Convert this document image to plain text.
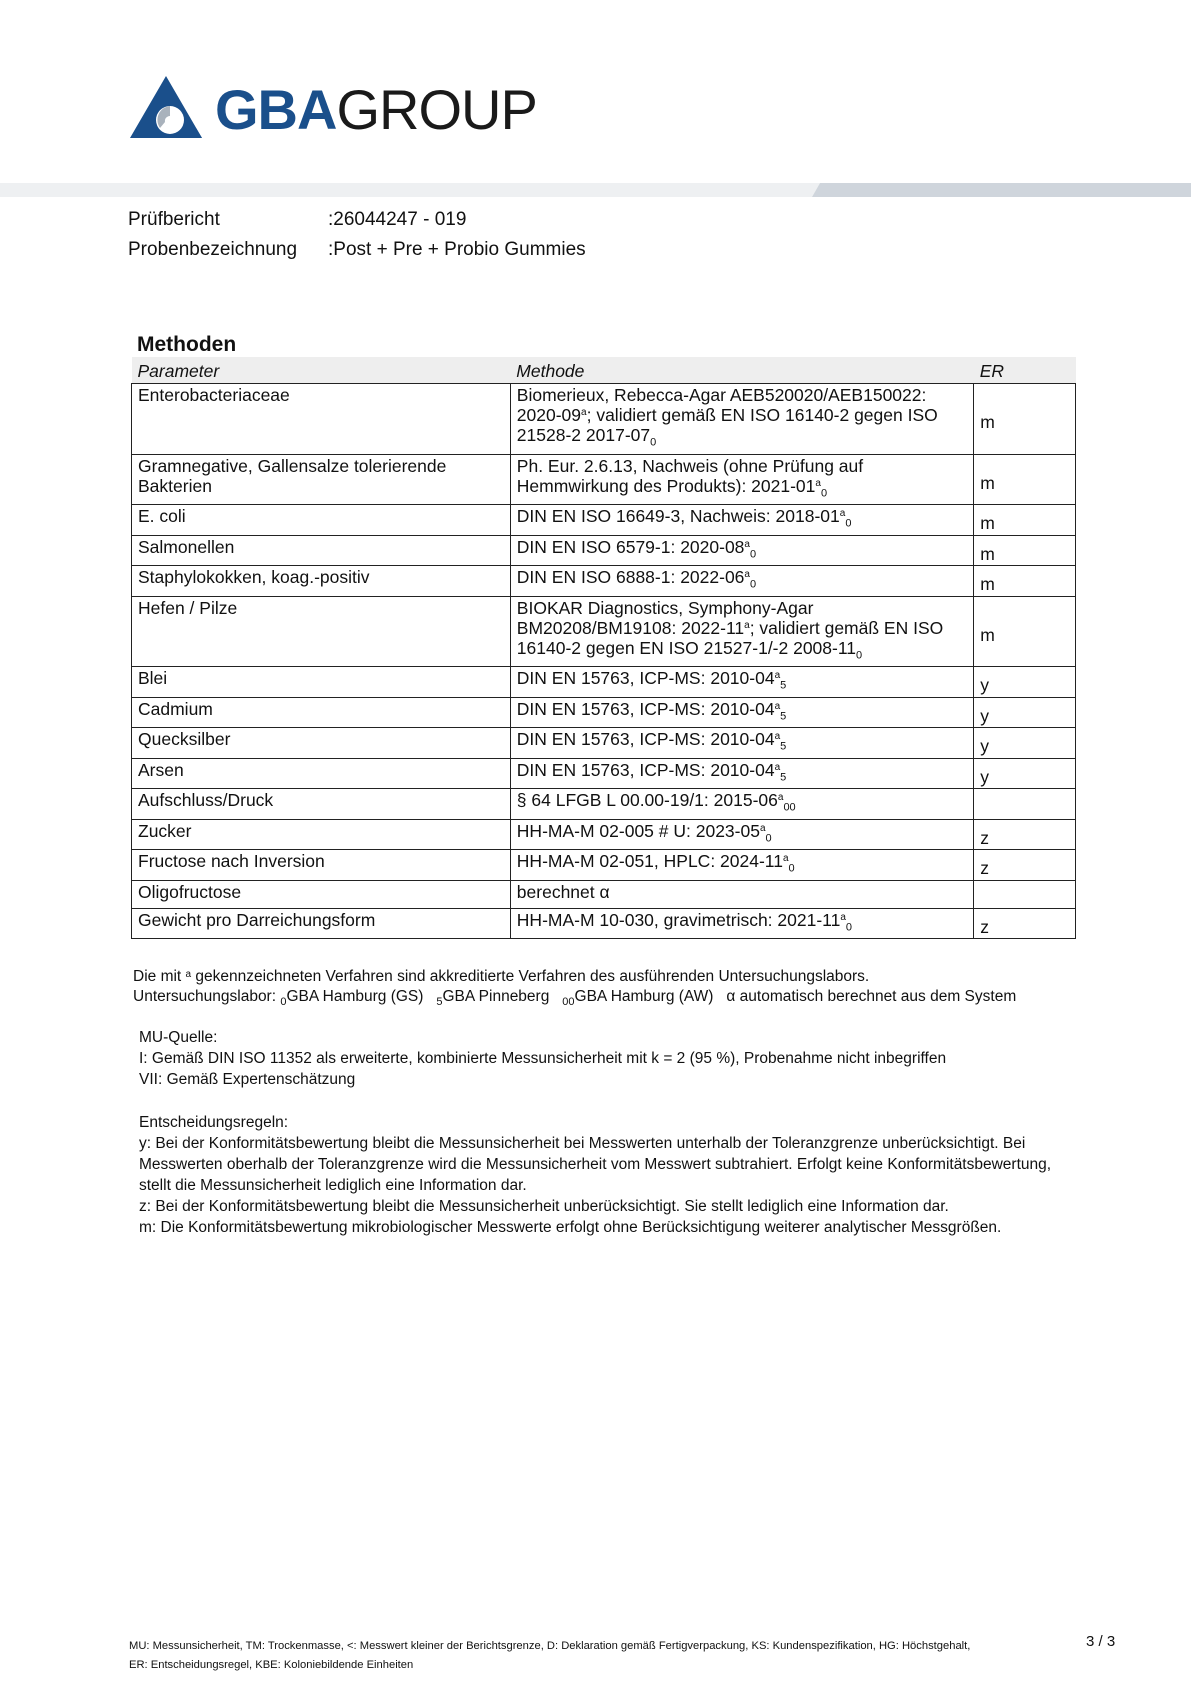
GBAGROUP
Prüfbericht	:26044247 - 019
Probenbezeichnung :Post + Pre + Probio Gummies
Methoden
Parameter	Methode	ER
Enterobacteriaceae	Biomerieux, Rebecca-Agar AEB520020/AEB150022: 2020-09$^a$; validiert gemäß EN ISO 16140-2 gegen ISO 21528-2 $2017-07_0$	m
Gramnegative, Gallensalze tolerierende Bakterien	Ph. Eur. 2.6.13, Nachweis (ohne Prüfung auf Hemmwirkung des Produkts): $2021-01^a_0$	m
E. coli	DIN EN ISO 16649-3, Nachweis: $2018-01^a_0$	m
Salmonellen	DIN EN ISO 6579-1: $2020-08^a_0$	m
Staphylokokken, koag.-positiv	DIN EN ISO 6888-1: $2022-06^a_0$	m
Hefen / Pilze	BIOKAR Diagnostics, Symphony-Agar BM20208/BM19108: 2022-11$^a$; validiert gemäß EN ISO 16140-2 gegen EN ISO 21527-1/-2 $2008-11_0$	m
Blei	DIN EN 15763, ICP-MS: $2010-04^a_5$	y
Cadmium	DIN EN 15763, ICP-MS: $2010-04^a_5$	y
Quecksilber	DIN EN 15763, ICP-MS: $2010-04^a_5$	y
Arsen	DIN EN 15763, ICP-MS: $2010-04^a_5$	y
Aufschluss/Druck	§ 64 LFGB L 00.00-19/1: $2015-06^a_{00}$	
Zucker	HH-MA-M 02-005 # U: $2023-05^a_0$	z
Fructose nach Inversion	HH-MA-M 02-051, HPLC: $2024-11^a_0$	z
Oligofructose	berechnet α	
Gewicht pro Darreichungsform	HH-MA-M 10-030, gravimetrisch: $2021-11^a_0$	z
Die mit $^a$ gekennzeichneten Verfahren sind akkreditierte Verfahren des ausführenden Untersuchungslabors.
Untersuchungslabor: $_0$GBA Hamburg (GS) $_5$GBA Pinneberg $_{00}$GBA Hamburg (AW) α automatisch berechnet aus dem System
MU-Quelle:
I: Gemäß DIN ISO 11352 als erweiterte, kombinierte Messunsicherheit mit k = 2 (95 %), Probenahme nicht inbegriffen
VII: Gemäß Expertenschätzung
Entscheidungsregeln:
y: Bei der Konformitätsbewertung bleibt die Messunsicherheit bei Messwerten unterhalb der Toleranzgrenze unberücksichtigt. Bei Messwerten oberhalb der Toleranzgrenze wird die Messunsicherheit vom Messwert subtrahiert. Erfolgt keine Konformitätsbewertung, stellt die Messunsicherheit lediglich eine Information dar.
z: Bei der Konformitätsbewertung bleibt die Messunsicherheit unberücksichtigt. Sie stellt lediglich eine Information dar.
m: Die Konformitätsbewertung mikrobiologischer Messwerte erfolgt ohne Berücksichtigung weiterer analytischer Messgrößen.
MU: Messunsicherheit, TM: Trockenmasse, <: Messwert kleiner der Berichtsgrenze, D: Deklaration gemäß Fertigverpackung, KS: Kundenspezifikation, HG: Höchstgehalt,
ER: Entscheidungsregel, KBE: Koloniebildende Einheiten
3 / 3
